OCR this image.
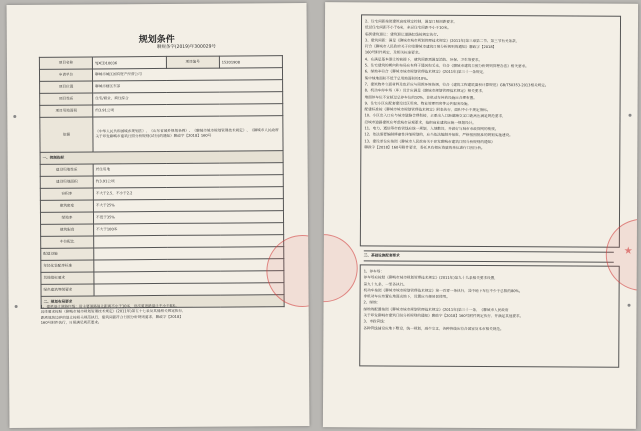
规划条件
聊规条字(2019)年300029号
项目名称	YJXCD10036	项目编号	15201908
申请单位	聊城市城区国有资产经营公司		
项目位置	聊城市辖区东部		
项目性质	住宅/商业、商住综合		
项目用地面积	约3.91公顷		
依据	《中华人民共和国城乡规划法》、《山东省城乡规划条例》、《聊城市城市规划管理技术规定》、《聊城市人民政府关于印发聊城市建筑日照分析规则(试行)的通知》聊政字【2018】160号		
一、控制指标			
建设用地性质	居住用地		
建设用地面积	约3.91公顷		
容积率	不大于2.5，不小于2.2		
建筑密度	不大于25%		
绿地率	不低于35%		
建筑限高	不大于100米		
车位配比			
配建设施			
年轻化装配率标准			
其他指标要求			
绿色建筑等级要求			
二、规划布局要求			
1、建筑退让道路红线：沿主要道路退让距离不小于10米，沿次要道路退让不小于8米，
具体要求按照《聊城市城市规划管理技术规定》(2011年)第五十七条及其他相关规定执行，
距离地块边界的退让按相关规范执行，建筑间距符合日照分析规则要求，聊政字【2018】
160号附件执行，日照满足规范要求。
2、住宅间距按照建筑高度规定控制，满足日照间距要求，
低层住宅间距不小于6米，多层住宅间距不小于10米。
临街建筑退让：建筑退让道路红线按规定执行。
3、建筑间距：满足《聊城市城市规划管理技术规定》(2011年)第三章第二节、第三节有关条款，
符合《聊城市人民政府关于印发聊城市建筑日照分析规则的通知》聊政字【2018】
160号附件规定，及相关标准要求。
4、在满足基本退让的前提下，建筑间距需满足消防、环保、卫生等要求。
5、住宅建筑的朝向和布局应有利于通风和采光，符合《聊城市建筑日照分析规则管理办法》相关要求。
6、绿地率符合《聊城市城市规划管理技术规定》(2011年)第三十一条规定，
集中绿地面积不低于总用地面积的10%。
7、建筑物外立面材料及色彩应与周围环境协调，符合《建筑工程建筑面积计算规范》GB/T50353-2013相关规定。
8、机动车停车场（库）设计应满足《聊城市规划管理技术规定》相关要求，
地面停车位不宜超过总停车位的10%，非机动车停放设施应合理布置。
9、住宅小区应配套建设社区用房、物业管理用房等公共服务设施，
配建标准按《聊城市城市规划管理技术规定》附表执行，面积不小于规定指标。
10、小区出入口应与城市道路合理衔接，主要出入口距道路交叉口距离应满足规范要求，
沿城市道路建筑应考虑城市景观要求，临街商业建筑应统一规划设计。
11、电力、通信等市政管线应统一规划，入地敷设，并做好与城市市政管网的衔接。
12、依法需要编制修建性详细规划的，应当依法编制并报批，严格按照批准的规划实施建设。
13、建设单位应按照《聊城市人民政府关于印发聊城市建筑日照分析规则的通知》
聊政字【2018】160号附件要求，委托具有相应资质的单位进行日照分析。
三、基础设施配套要求
1、停车场：
停车场应按照《聊城市城市规划管理技术规定》(2011年)第九十九条相关要求设置，
第九十九条，一至各执行。
机动车按照《聊城市城市规划管理技术规定》第一百零一条执行，其中地下车位不少于总数的80%。
非机动车应布置在地面或地下，设置应方便居民使用。
2、绿地：
绿地的配置按照《聊城市城市规划管理技术规定》(2011年)第三十一条，《聊城市人民政府
关于印发聊城市建筑日照分析规则的通知》聊政字【2018】160号附件规定执行，并满足其他要求。
3、市政管线：
各种管线铺设应地下敷设，统一规划，减少交叉，各种管线应符合国家及本市相关规范。
★
